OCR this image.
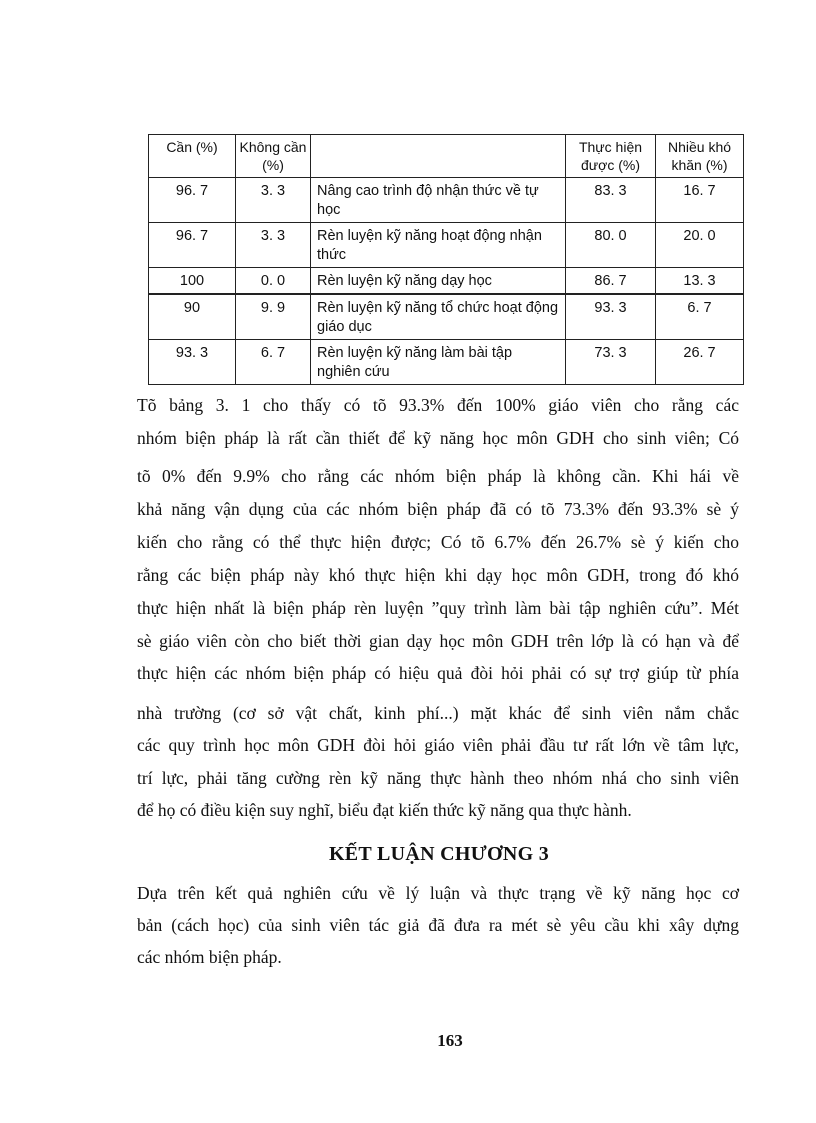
Cần (%)	Không cần (%)		Thực hiện được (%)	Nhiều khó khăn (%)
96. 7	3. 3	Nâng cao trình độ nhận thức về tự học	83. 3	16. 7
96. 7	3. 3	Rèn luyện kỹ năng hoạt động nhận thức	80. 0	20. 0
100	0. 0	Rèn luyện kỹ năng dạy học	86. 7	13. 3
90	9. 9	Rèn luyện kỹ năng tổ chức hoạt động giáo dục	93. 3	6. 7
93. 3	6. 7	Rèn luyện kỹ năng làm bài tập nghiên cứu	73. 3	26. 7

Tõ bảng 3. 1 cho thấy có tõ 93.3% đến 100% giáo viên cho rằng các

nhóm biện pháp là rất cần thiết để kỹ năng học môn GDH cho sinh viên; Có

tõ 0% đến 9.9% cho rằng các nhóm biện pháp là không cần. Khi hái về

khả năng vận dụng của các nhóm biện pháp đã có tõ 73.3% đến 93.3% sè ý

kiến cho rằng có thể thực hiện được; Có tõ 6.7% đến 26.7% sè ý kiến cho

rằng các biện pháp này khó thực hiện khi dạy học môn GDH, trong đó khó

thực hiện nhất là biện pháp rèn luyện ”quy trình làm bài tập nghiên cứu”. Mét

sè giáo viên còn cho biết thời gian dạy học môn GDH trên lớp là có hạn và để

thực hiện các nhóm biện pháp có hiệu quả đòi hỏi phải có sự trợ giúp từ phía

nhà trường (cơ sở vật chất, kinh phí...) mặt khác để sinh viên nắm chắc

các quy trình học môn GDH đòi hỏi giáo viên phải đầu tư rất lớn về tâm lực,

trí lực, phải tăng cường rèn kỹ năng thực hành theo nhóm nhá cho sinh viên

để họ có điều kiện suy nghĩ, biểu đạt kiến thức kỹ năng qua thực hành.

KẾT LUẬN CHƯƠNG 3

Dựa trên kết quả nghiên cứu về lý luận và thực trạng về kỹ năng học cơ

bản (cách học) của sinh viên tác giả đã đưa ra mét sè yêu cầu khi xây dựng

các nhóm biện pháp.

163
